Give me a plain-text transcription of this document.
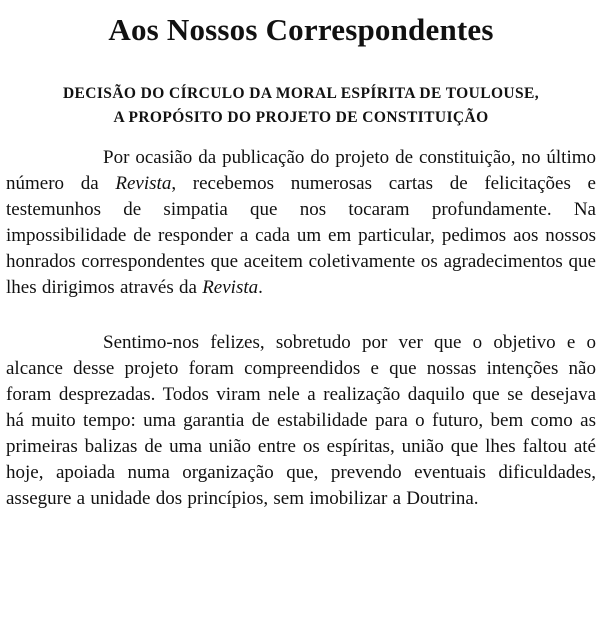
Aos Nossos Correspondentes
DECISÃO DO CÍRCULO DA MORAL ESPÍRITA DE TOULOUSE,
A PROPÓSITO DO PROJETO DE CONSTITUIÇÃO

Por ocasião da publicação do projeto de constituição, no último número da Revista, recebemos numerosas cartas de felicitações e testemunhos de simpatia que nos tocaram profundamente. Na impossibilidade de responder a cada um em particular, pedimos aos nossos honrados correspondentes que aceitem coletivamente os agradecimentos que lhes dirigimos através da Revista.

Sentimo-nos felizes, sobretudo por ver que o objetivo e o alcance desse projeto foram compreendidos e que nossas intenções não foram desprezadas. Todos viram nele a realização daquilo que se desejava há muito tempo: uma garantia de estabilidade para o futuro, bem como as primeiras balizas de uma união entre os espíritas, união que lhes faltou até hoje, apoiada numa organização que, prevendo eventuais dificuldades, assegure a unidade dos princípios, sem imobilizar a Doutrina.
